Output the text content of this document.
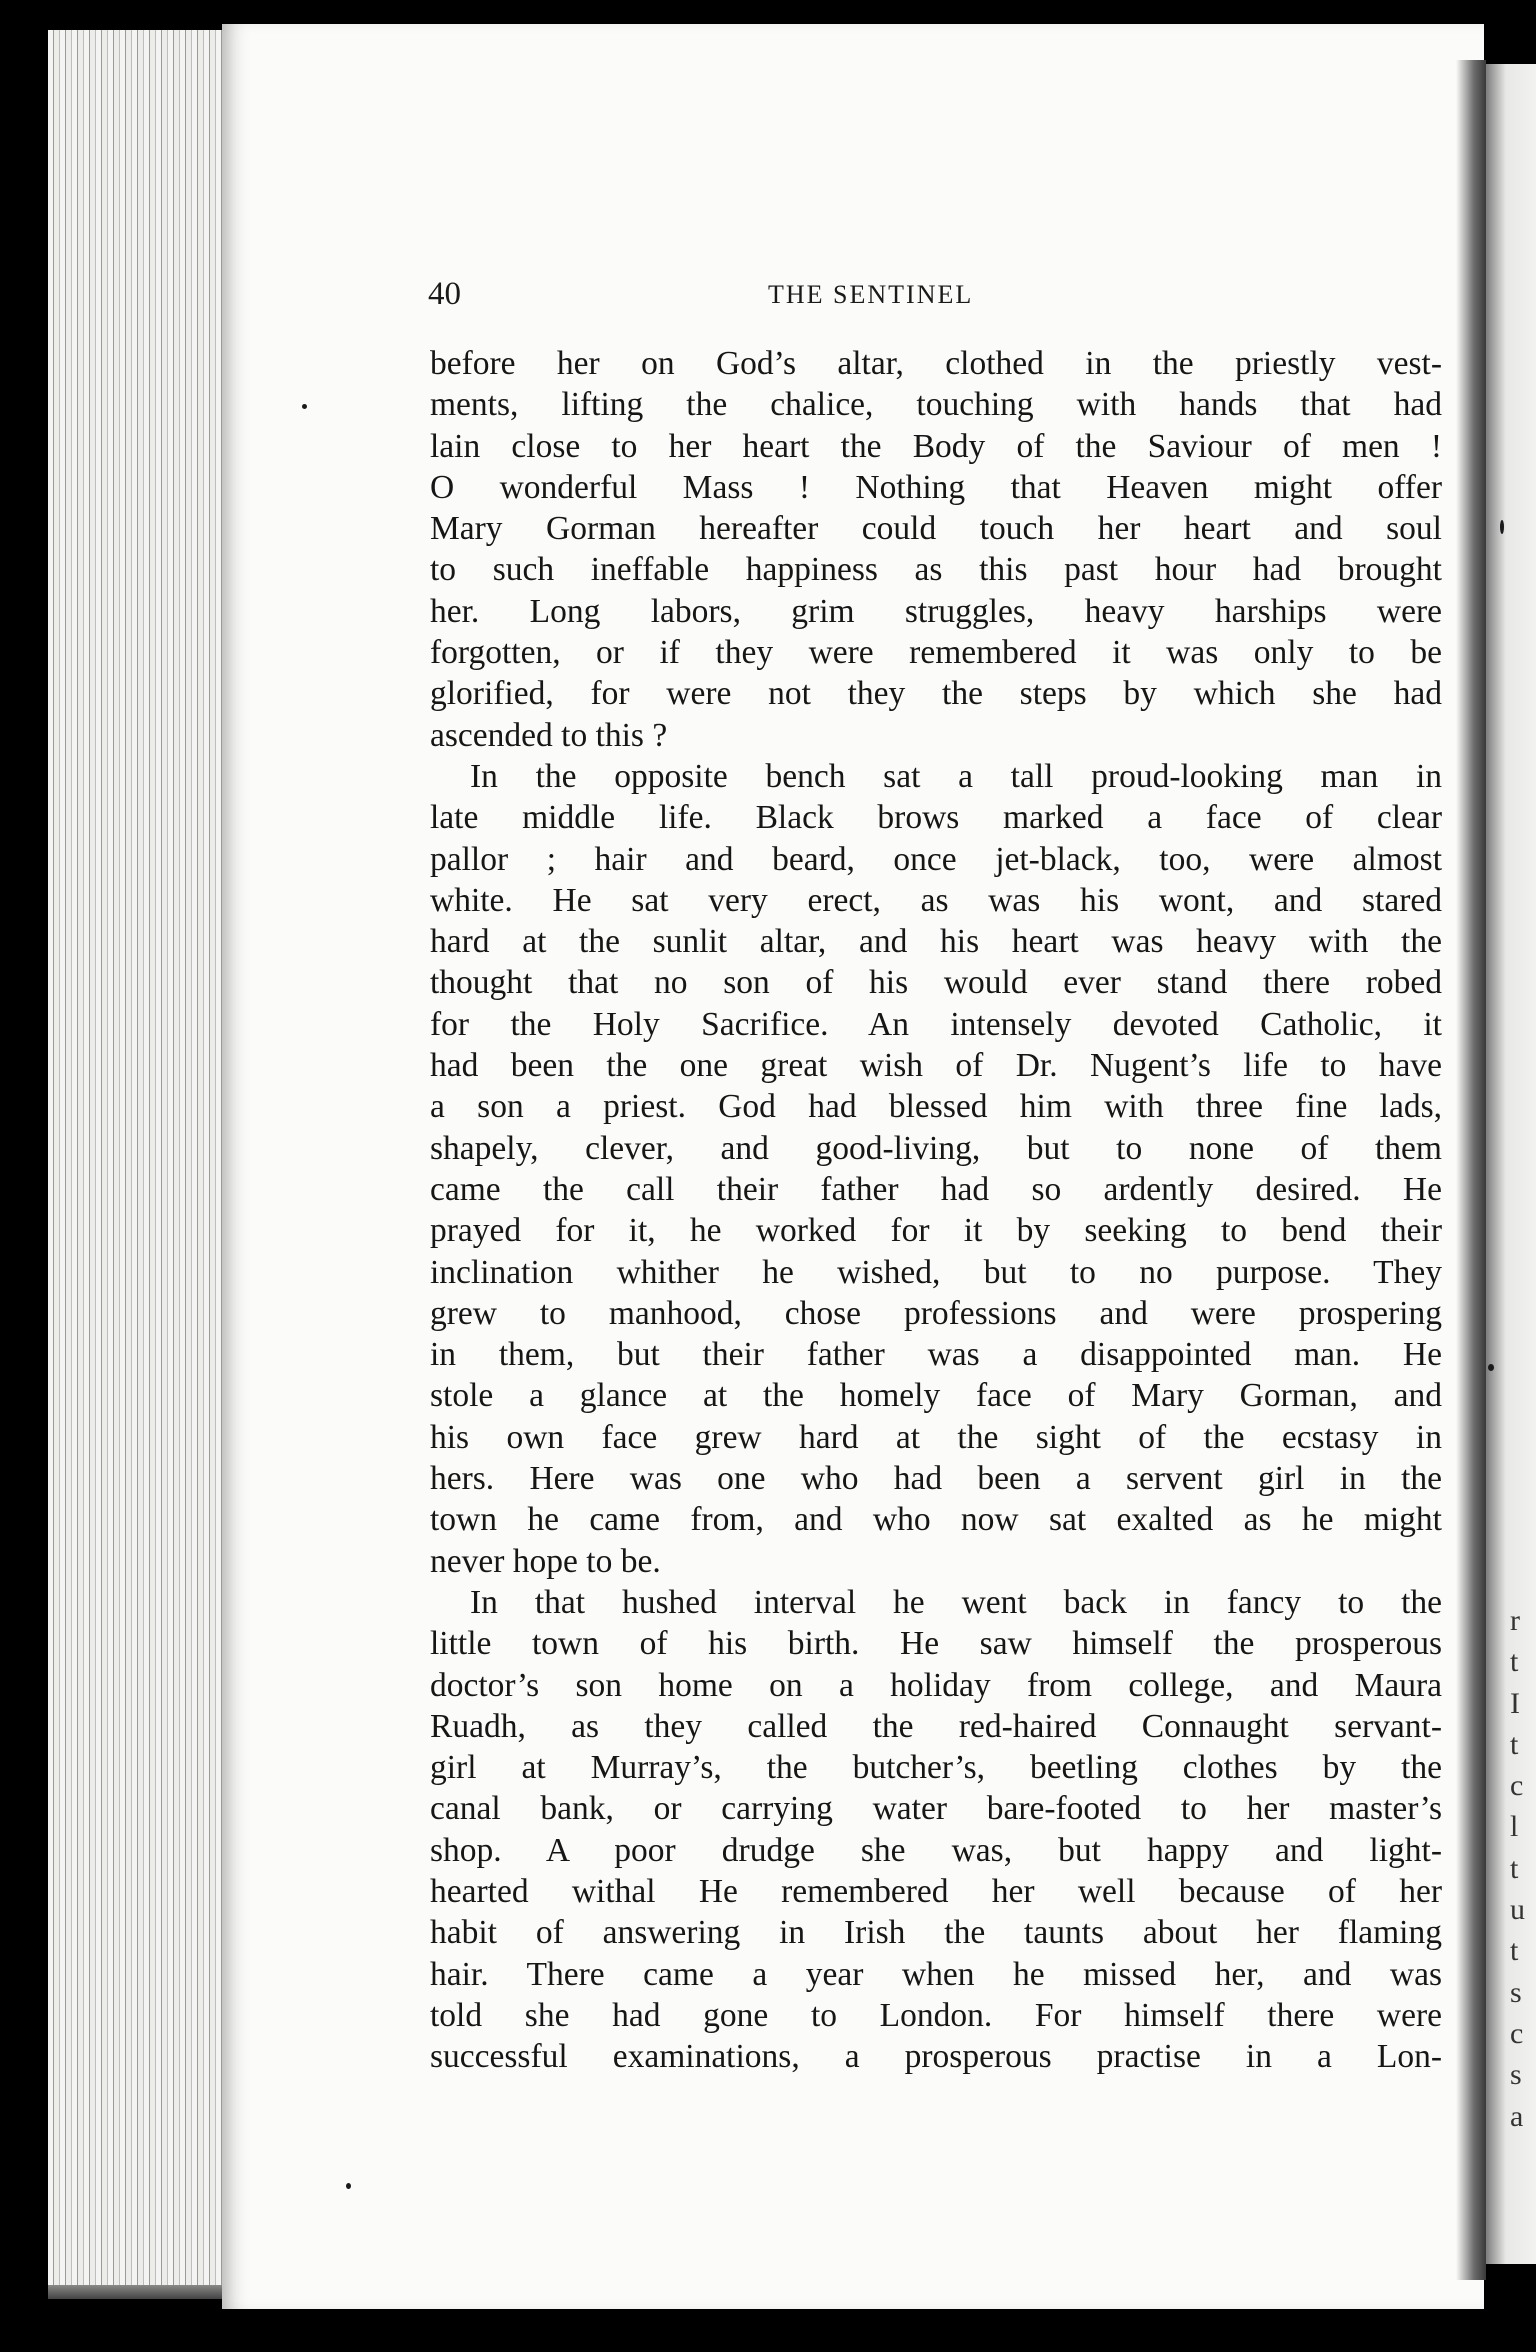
r
t
I
t
c
l
t
u
t
s
c
s
a
40	THE SENTINEL
before her on God’s altar, clothed in the priestly vest-
ments, lifting the chalice, touching with hands that had
lain close to her heart the Body of the Saviour of men !
O wonderful Mass ! Nothing that Heaven might offer
Mary Gorman hereafter could touch her heart and soul
to such ineffable happiness as this past hour had brought
her. Long labors, grim struggles, heavy harships were
forgotten, or if they were remembered it was only to be
glorified, for were not they the steps by which she had
ascended to this ?
In the opposite bench sat a tall proud-looking man in
late middle life. Black brows marked a face of clear
pallor ; hair and beard, once jet-black, too, were almost
white. He sat very erect, as was his wont, and stared
hard at the sunlit altar, and his heart was heavy with the
thought that no son of his would ever stand there robed
for the Holy Sacrifice. An intensely devoted Catholic, it
had been the one great wish of Dr. Nugent’s life to have
a son a priest. God had blessed him with three fine lads,
shapely, clever, and good-living, but to none of them
came the call their father had so ardently desired. He
prayed for it, he worked for it by seeking to bend their
inclination whither he wished, but to no purpose. They
grew to manhood, chose professions and were prospering
in them, but their father was a disappointed man. He
stole a glance at the homely face of Mary Gorman, and
his own face grew hard at the sight of the ecstasy in
hers. Here was one who had been a servent girl in the
town he came from, and who now sat exalted as he might
never hope to be.
In that hushed interval he went back in fancy to the
little town of his birth. He saw himself the prosperous
doctor’s son home on a holiday from college, and Maura
Ruadh, as they called the red-haired Connaught servant-
girl at Murray’s, the butcher’s, beetling clothes by the
canal bank, or carrying water bare-footed to her master’s
shop. A poor drudge she was, but happy and light-
hearted withal He remembered her well because of her
habit of answering in Irish the taunts about her flaming
hair. There came a year when he missed her, and was
told she had gone to London. For himself there were
successful examinations, a prosperous practise in a Lon-
